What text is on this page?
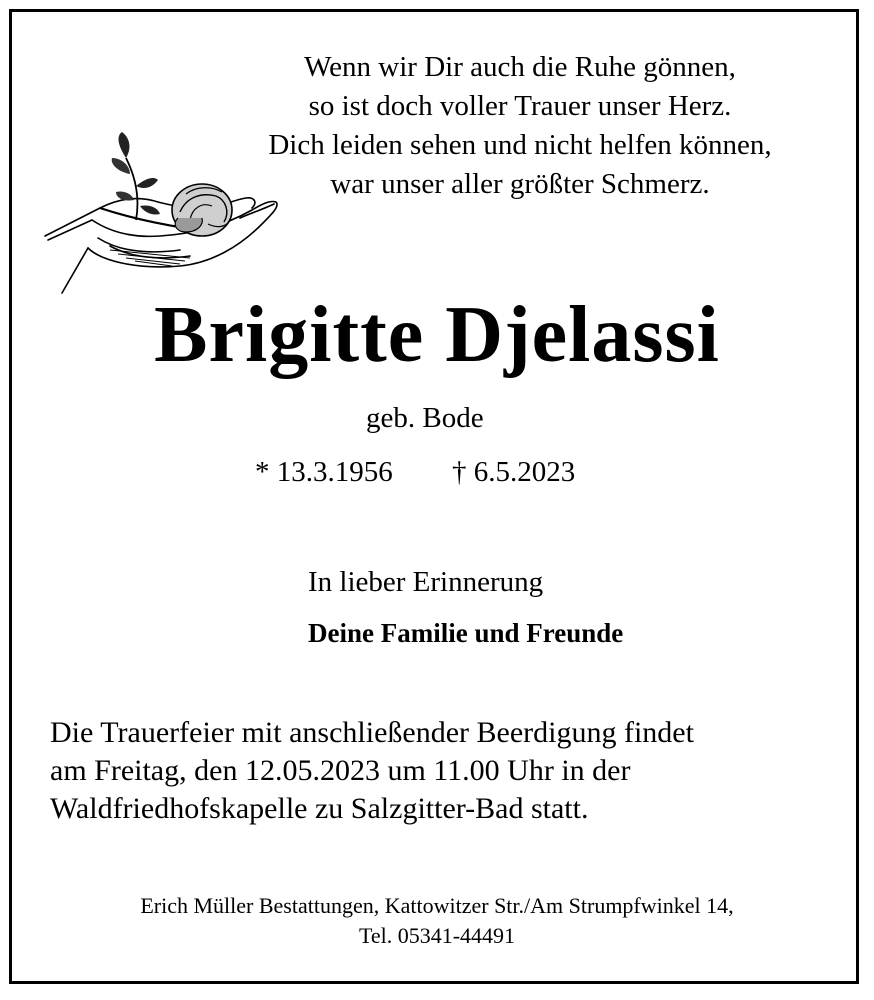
Wenn wir Dir auch die Ruhe gönnen,
so ist doch voller Trauer unser Herz.
Dich leiden sehen und nicht helfen können,
war unser aller größter Schmerz.
Brigitte Djelassi
geb. Bode
* 13.3.1956 † 6.5.2023
In lieber Erinnerung
Deine Familie und Freunde
Die Trauerfeier mit anschließender Beerdigung findet
am Freitag, den 12.05.2023 um 11.00 Uhr in der
Waldfriedhofskapelle zu Salzgitter-Bad statt.
Erich Müller Bestattungen, Kattowitzer Str./Am Strumpfwinkel 14,
Tel. 05341-44491
